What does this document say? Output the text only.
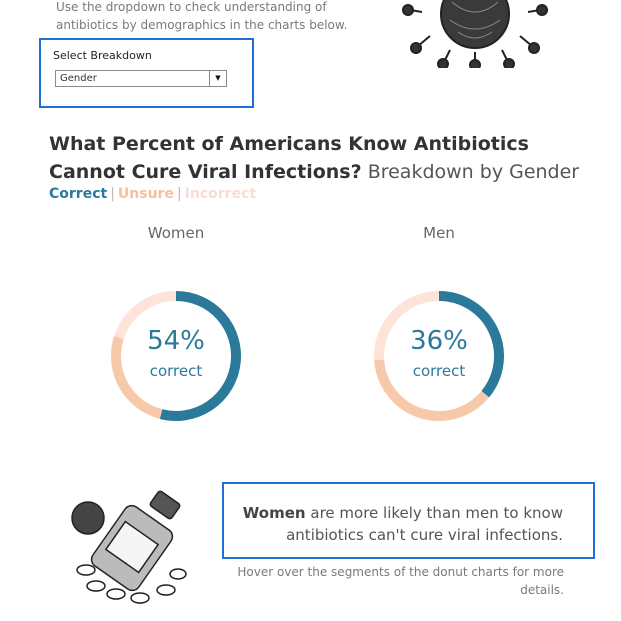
Use the dropdown to check understanding of
antibiotics by demographics in the charts below.
Select Breakdown
Gender	▼
What Percent of Americans Know Antibiotics Cannot Cure Viral Infections? Breakdown by Gender
Correct | Unsure | Incorrect
Women	Men
54%
correct
36%
correct
Women are more likely than men to know antibiotics can't cure viral infections.
Hover over the segments of the donut charts for more details.
